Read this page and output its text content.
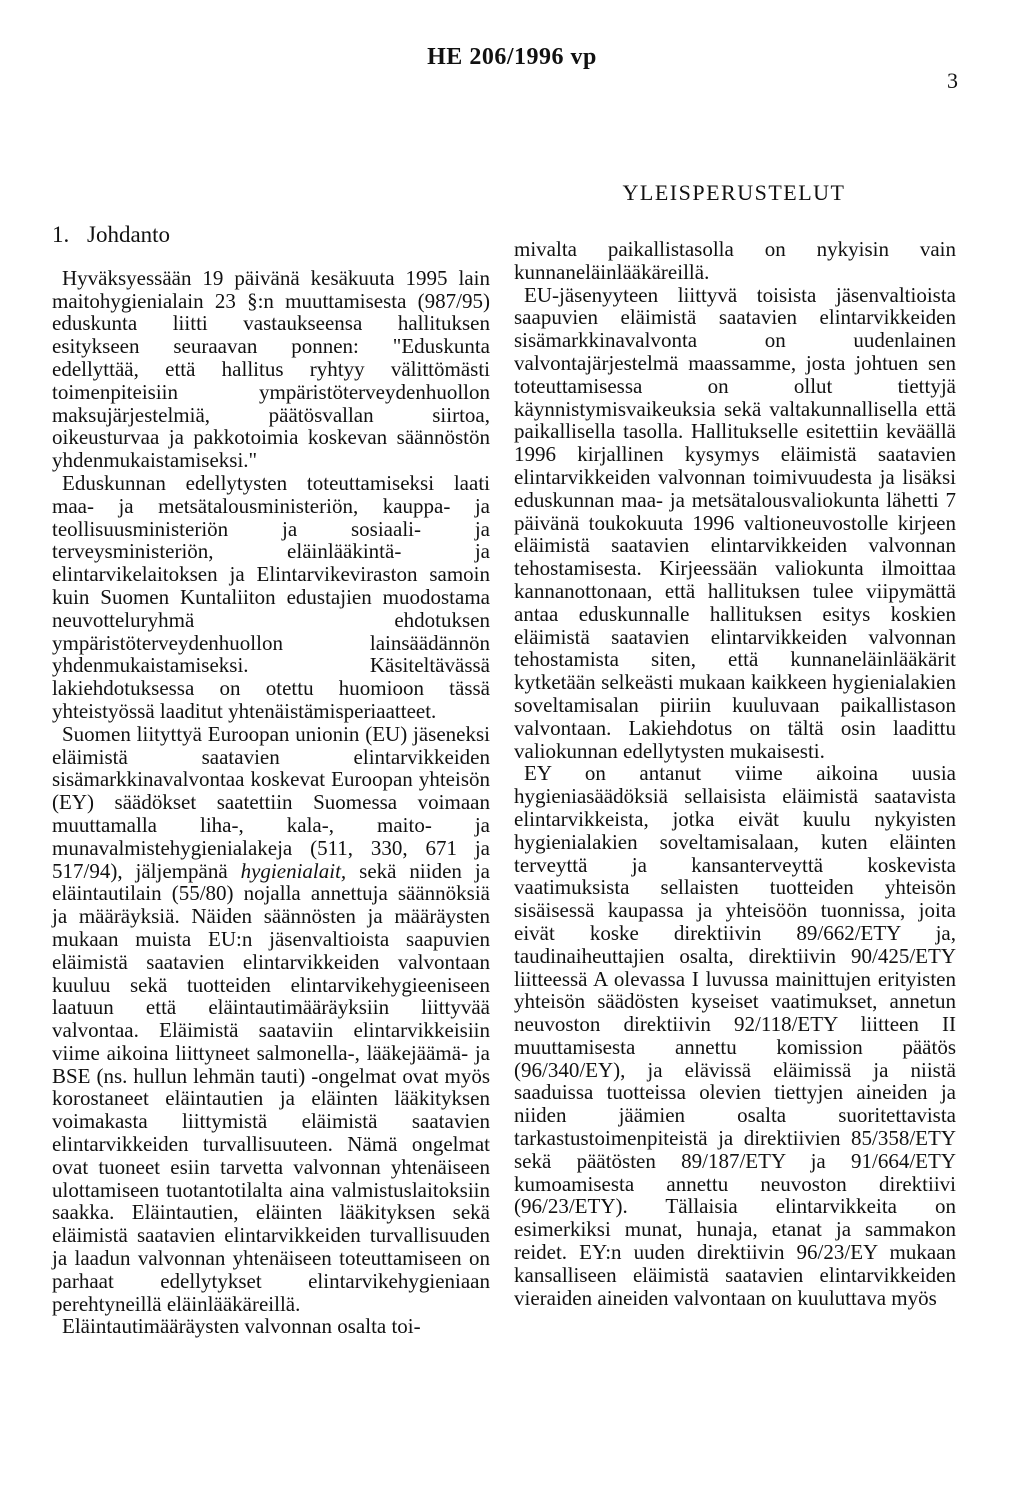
HE 206/1996 vp
3
YLEISPERUSTELUT
1. Johdanto

Hyväksyessään 19 päivänä kesäkuuta 1995 lain maitohygienialain 23 §:n muuttamisesta (987/95) eduskunta liitti vastaukseensa hallituksen esitykseen seuraavan ponnen: "Eduskunta edellyttää, että hallitus ryhtyy välittömästi toimenpiteisiin ympäristöterveydenhuollon maksujärjestelmiä, päätösvallan siirtoa, oikeusturvaa ja pakkotoimia koskevan säännöstön yhdenmukaistamiseksi."

Eduskunnan edellytysten toteuttamiseksi laati maa- ja metsätalousministeriön, kauppa- ja teollisuusministeriön ja sosiaali- ja terveysministeriön, eläinlääkintä- ja elintarvikelaitoksen ja Elintarvikeviraston samoin kuin Suomen Kuntaliiton edustajien muodostama neuvotteluryhmä ehdotuksen ympäristöterveydenhuollon lainsäädännön yhdenmukaistamiseksi. Käsiteltävässä lakiehdotuksessa on otettu huomioon tässä yhteistyössä laaditut yhtenäistämisperiaatteet.

Suomen liityttyä Euroopan unionin (EU) jäseneksi eläimistä saatavien elintarvikkeiden sisämarkkinavalvontaa koskevat Euroopan yhteisön (EY) säädökset saatettiin Suomessa voimaan muuttamalla liha-, kala-, maito- ja munavalmistehygienialakeja (511, 330, 671 ja 517/94), jäljempänä hygienialait, sekä niiden ja eläintautilain (55/80) nojalla annettuja säännöksiä ja määräyksiä. Näiden säännösten ja määräysten mukaan muista EU:n jäsenvaltioista saapuvien eläimistä saatavien elintarvikkeiden valvontaan kuuluu sekä tuotteiden elintarvikehygieeniseen laatuun että eläintautimääräyksiin liittyvää valvontaa. Eläimistä saataviin elintarvikkeisiin viime aikoina liittyneet salmonella-, lääkejäämä- ja BSE (ns. hullun lehmän tauti) -ongelmat ovat myös korostaneet eläintautien ja eläinten lääkityksen voimakasta liittymistä eläimistä saatavien elintarvikkeiden turvallisuuteen. Nämä ongelmat ovat tuoneet esiin tarvetta valvonnan yhtenäiseen ulottamiseen tuotantotilalta aina valmistuslaitoksiin saakka. Eläintautien, eläinten lääkityksen sekä eläimistä saatavien elintarvikkeiden turvallisuuden ja laadun valvonnan yhtenäiseen toteuttamiseen on parhaat edellytykset elintarvikehygieniaan perehtyneillä eläinlääkäreillä.

Eläintautimääräysten valvonnan osalta toi-

mivalta paikallistasolla on nykyisin vain kunnaneläinlääkäreillä.

EU-jäsenyyteen liittyvä toisista jäsenvaltioista saapuvien eläimistä saatavien elintarvikkeiden sisämarkkinavalvonta on uudenlainen valvontajärjestelmä maassamme, josta johtuen sen toteuttamisessa on ollut tiettyjä käynnistymisvaikeuksia sekä valtakunnallisella että paikallisella tasolla. Hallitukselle esitettiin keväällä 1996 kirjallinen kysymys eläimistä saatavien elintarvikkeiden valvonnan toimivuudesta ja lisäksi eduskunnan maa- ja metsätalousvaliokunta lähetti 7 päivänä toukokuuta 1996 valtioneuvostolle kirjeen eläimistä saatavien elintarvikkeiden valvonnan tehostamisesta. Kirjeessään valiokunta ilmoittaa kannanottonaan, että hallituksen tulee viipymättä antaa eduskunnalle hallituksen esitys koskien eläimistä saatavien elintarvikkeiden valvonnan tehostamista siten, että kunnaneläinlääkärit kytketään selkeästi mukaan kaikkeen hygienialakien soveltamisalan piiriin kuuluvaan paikallistason valvontaan. Lakiehdotus on tältä osin laadittu valiokunnan edellytysten mukaisesti.

EY on antanut viime aikoina uusia hygieniasäädöksiä sellaisista eläimistä saatavista elintarvikkeista, jotka eivät kuulu nykyisten hygienialakien soveltamisalaan, kuten eläinten terveyttä ja kansanterveyttä koskevista vaatimuksista sellaisten tuotteiden yhteisön sisäisessä kaupassa ja yhteisöön tuonnissa, joita eivät koske direktiivin 89/662/ETY ja, taudinaiheuttajien osalta, direktiivin 90/425/ETY liitteessä A olevassa I luvussa mainittujen erityisten yhteisön säädösten kyseiset vaatimukset, annetun neuvoston direktiivin 92/118/ETY liitteen II muuttamisesta annettu komission päätös (96/340/EY), ja elävissä eläimissä ja niistä saaduissa tuotteissa olevien tiettyjen aineiden ja niiden jäämien osalta suoritettavista tarkastustoimenpiteistä ja direktiivien 85/358/ETY sekä päätösten 89/187/ETY ja 91/664/ETY kumoamisesta annettu neuvoston direktiivi (96/23/ETY). Tällaisia elintarvikkeita on esimerkiksi munat, hunaja, etanat ja sammakon reidet. EY:n uuden direktiivin 96/23/EY mukaan kansalliseen eläimistä saatavien elintarvikkeiden vieraiden aineiden valvontaan on kuuluttava myös
